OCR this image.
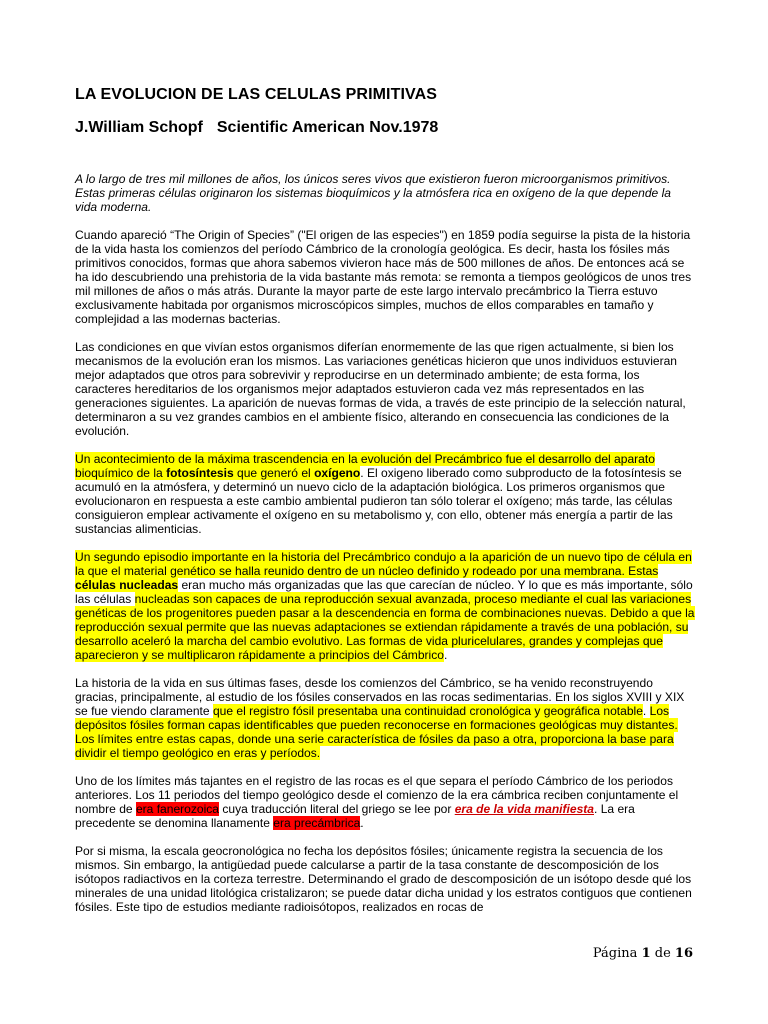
LA EVOLUCION DE LAS CELULAS PRIMITIVAS
J.William Schopf Scientific American Nov.1978

A lo largo de tres mil millones de años, los únicos seres vivos que existieron fueron microorganismos primitivos. Estas primeras células originaron los sistemas bioquímicos y la atmósfera rica en oxígeno de la que depende la vida moderna.

Cuando apareció “The Origin of Species” ("El origen de las especies") en 1859 podía seguirse la pista de la historia de la vida hasta los comienzos del período Cámbrico de la cronología geológica. Es decir, hasta los fósiles más primitivos conocidos, formas que ahora sabemos vivieron hace más de 500 millones de años. De entonces acá se ha ido descubriendo una prehistoria de la vida bastante más remota: se remonta a tiempos geológicos de unos tres mil millones de años o más atrás. Durante la mayor parte de este largo intervalo precámbrico la Tierra estuvo exclusivamente habitada por organismos microscópicos simples, muchos de ellos comparables en tamaño y complejidad a las modernas bacterias.

Las condiciones en que vivían estos organismos diferían enormemente de las que rigen actualmente, si bien los mecanismos de la evolución eran los mismos. Las variaciones genéticas hicieron que unos individuos estuvieran mejor adaptados que otros para sobrevivir y reproducirse en un determinado ambiente; de esta forma, los caracteres hereditarios de los organismos mejor adaptados estuvieron cada vez más representados en las generaciones siguientes. La aparición de nuevas formas de vida, a través de este principio de la selección natural, determinaron a su vez grandes cambios en el ambiente físico, alterando en consecuencia las condiciones de la evolución.

Un acontecimiento de la máxima trascendencia en la evolución del Precámbrico fue el desarrollo del aparato bioquímico de la fotosíntesis que generó el oxígeno. El oxigeno liberado como subproducto de la fotosíntesis se acumuló en la atmósfera, y determinó un nuevo ciclo de la adaptación biológica. Los primeros organismos que evolucionaron en respuesta a este cambio ambiental pudieron tan sólo tolerar el oxígeno; más tarde, las células consiguieron emplear activamente el oxígeno en su metabolismo y, con ello, obtener más energía a partir de las sustancias alimenticias.

Un segundo episodio importante en la historia del Precámbrico condujo a la aparición de un nuevo tipo de célula en la que el material genético se halla reunido dentro de un núcleo definido y rodeado por una membrana. Estas células nucleadas eran mucho más organizadas que las que carecían de núcleo. Y lo que es más importante, sólo las células nucleadas son capaces de una reproducción sexual avanzada, proceso mediante el cual las variaciones genéticas de los progenitores pueden pasar a la descendencia en forma de combinaciones nuevas. Debido a que la reproducción sexual permite que las nuevas adaptaciones se extiendan rápidamente a través de una población, su desarrollo aceleró la marcha del cambio evolutivo. Las formas de vida pluricelulares, grandes y complejas que aparecieron y se multiplicaron rápidamente a principios del Cámbrico.

La historia de la vida en sus últimas fases, desde los comienzos del Cámbrico, se ha venido reconstruyendo gracias, principalmente, al estudio de los fósiles conservados en las rocas sedimentarias. En los siglos XVIII y XIX se fue viendo claramente que el registro fósil presentaba una continuidad cronológica y geográfica notable. Los depósitos fósiles forman capas identificables que pueden reconocerse en formaciones geológicas muy distantes. Los límites entre estas capas, donde una serie característica de fósiles da paso a otra, proporciona la base para dividir el tiempo geológico en eras y períodos.

Uno de los límites más tajantes en el registro de las rocas es el que separa el período Cámbrico de los periodos anteriores. Los 11 periodos del tiempo geológico desde el comienzo de la era cámbrica reciben conjuntamente el nombre de era fanerozoica cuya traducción literal del griego se lee por era de la vida manifiesta. La era precedente se denomina llanamente era precámbrica.

Por si misma, la escala geocronológica no fecha los depósitos fósiles; únicamente registra la secuencia de los mismos. Sin embargo, la antigüedad puede calcularse a partir de la tasa constante de descomposición de los isótopos radiactivos en la corteza terrestre. Determinando el grado de descomposición de un isótopo desde qué los minerales de una unidad litológica cristalizaron; se puede datar dicha unidad y los estratos contiguos que contienen fósiles. Este tipo de estudios mediante radioisótopos, realizados en rocas de

Página 1 de 16
